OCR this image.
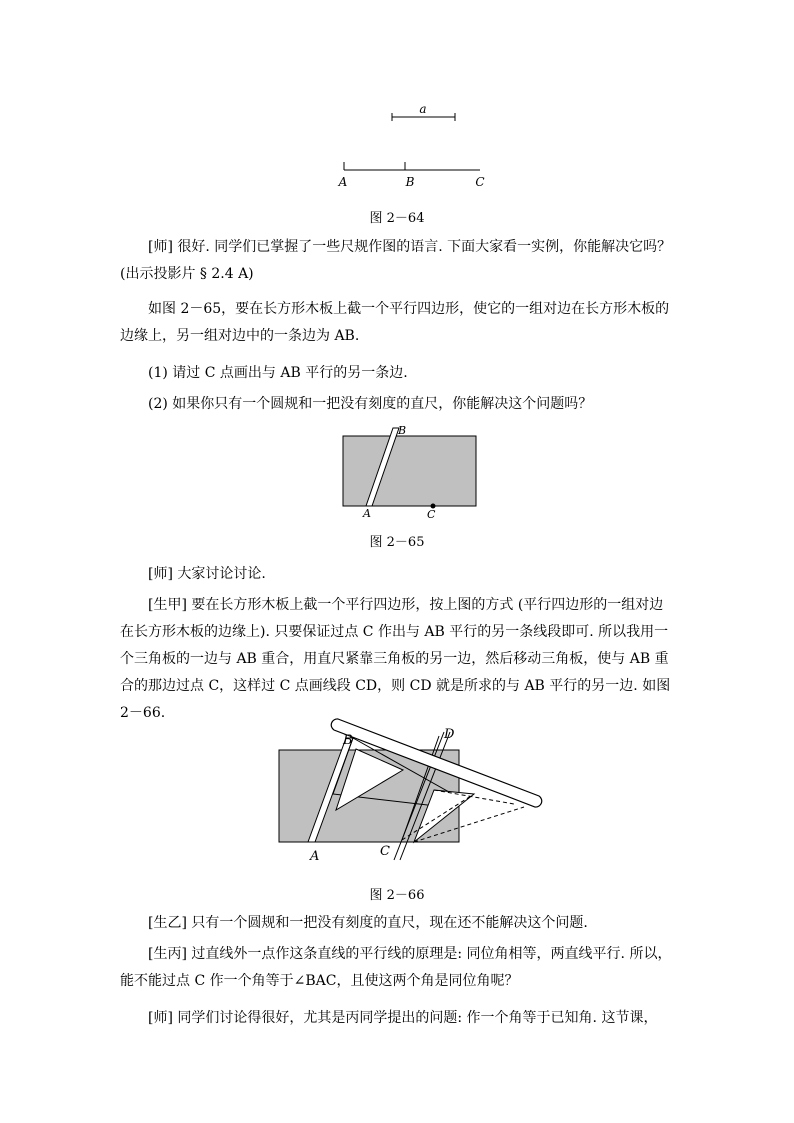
a
A	B	C
图 2－64
[师] 很好. 同学们已掌握了一些尺规作图的语言. 下面大家看一实例，你能解决它吗？
(出示投影片 § 2.4 A)
如图 2－65，要在长方形木板上截一个平行四边形，使它的一组对边在长方形木板的边缘上，另一组对边中的一条边为 AB.
(1) 请过 C 点画出与 AB 平行的另一条边.
(2) 如果你只有一个圆规和一把没有刻度的直尺，你能解决这个问题吗？
B
A	C
图 2－65
[师] 大家讨论讨论.
[生甲] 要在长方形木板上截一个平行四边形，按上图的方式 (平行四边形的一组对边在长方形木板的边缘上). 只要保证过点 C 作出与 AB 平行的另一条线段即可. 所以我用一个三角板的一边与 AB 重合，用直尺紧靠三角板的另一边，然后移动三角板，使与 AB 重合的那边过点 C，这样过 C 点画线段 CD，则 CD 就是所求的与 AB 平行的另一边. 如图 2－66.
B	D
A	C
图 2－66
[生乙] 只有一个圆规和一把没有刻度的直尺，现在还不能解决这个问题.
[生丙] 过直线外一点作这条直线的平行线的原理是: 同位角相等，两直线平行. 所以，能不能过点 C 作一个角等于∠BAC，且使这两个角是同位角呢？
[师] 同学们讨论得很好，尤其是丙同学提出的问题: 作一个角等于已知角. 这节课，
